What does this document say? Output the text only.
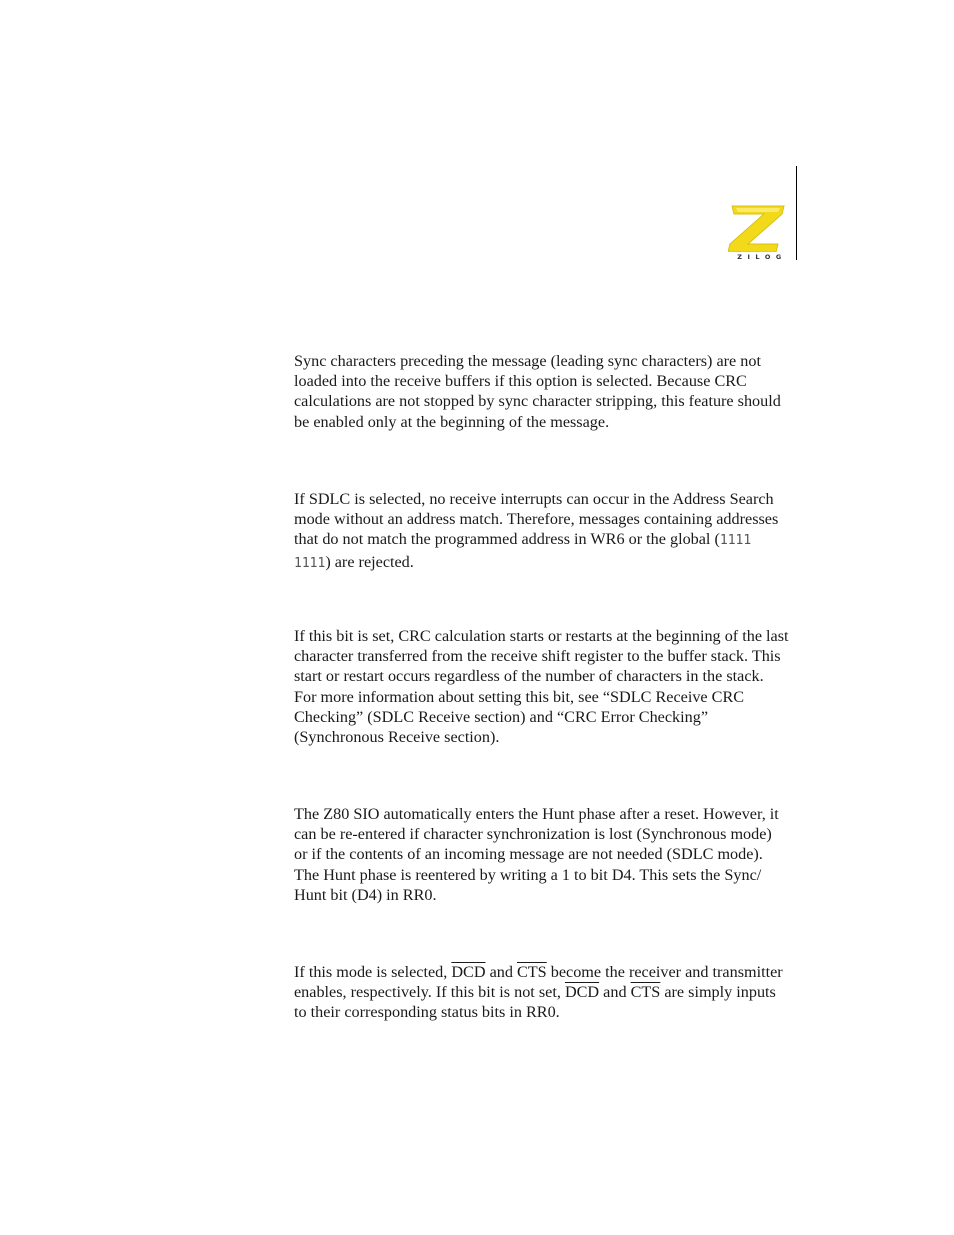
ZILOG

Sync characters preceding the message (leading sync characters) are not
loaded into the receive buffers if this option is selected. Because CRC
calculations are not stopped by sync character stripping, this feature should
be enabled only at the beginning of the message.

If SDLC is selected, no receive interrupts can occur in the Address Search
mode without an address match. Therefore, messages containing addresses
that do not match the programmed address in WR6 or the global (1111
1111) are rejected.

If this bit is set, CRC calculation starts or restarts at the beginning of the last
character transferred from the receive shift register to the buffer stack. This
start or restart occurs regardless of the number of characters in the stack.
For more information about setting this bit, see “SDLC Receive CRC
Checking” (SDLC Receive section) and “CRC Error Checking”
(Synchronous Receive section).

The Z80 SIO automatically enters the Hunt phase after a reset. However, it
can be re-entered if character synchronization is lost (Synchronous mode)
or if the contents of an incoming message are not needed (SDLC mode).
The Hunt phase is reentered by writing a 1 to bit D4. This sets the Sync/
Hunt bit (D4) in RR0.

If this mode is selected, $\overline{DCD}$ and $\overline{CTS}$ become the receiver and transmitter
enables, respectively. If this bit is not set, $\overline{DCD}$ and $\overline{CTS}$ are simply inputs
to their corresponding status bits in RR0.
